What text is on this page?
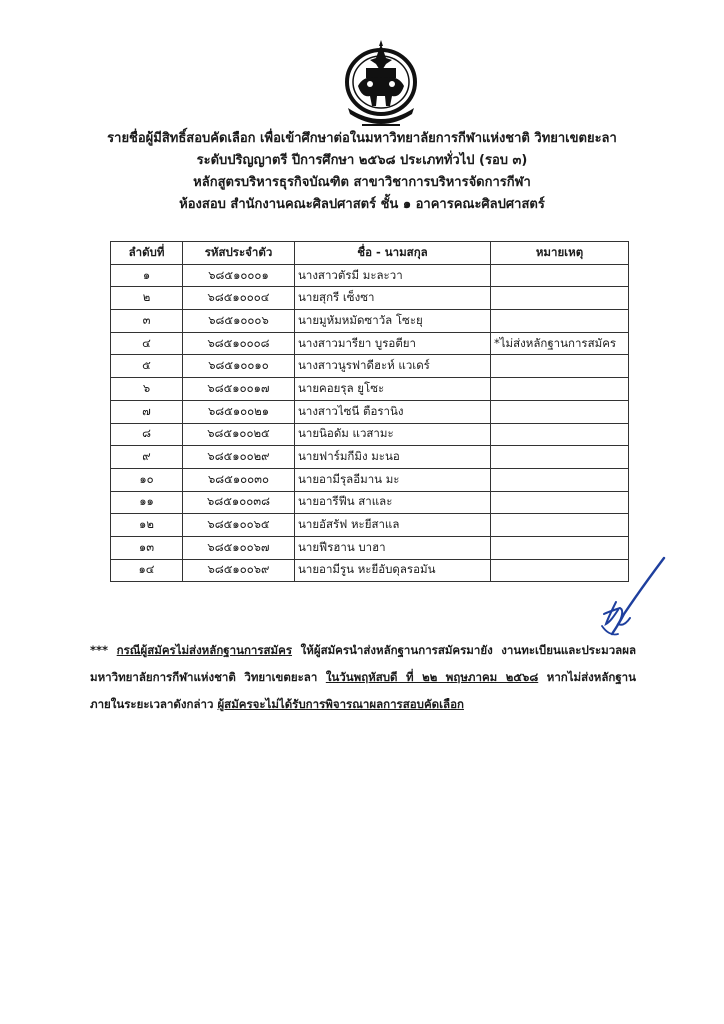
รายชื่อผู้มีสิทธิ์สอบคัดเลือก เพื่อเข้าศึกษาต่อในมหาวิทยาลัยการกีฬาแห่งชาติ วิทยาเขตยะลา
ระดับปริญญาตรี ปีการศึกษา ๒๕๖๘ ประเภททั่วไป (รอบ ๓)
หลักสูตรบริหารธุรกิจบัณฑิต สาขาวิชาการบริหารจัดการกีฬา
ห้องสอบ สำนักงานคณะศิลปศาสตร์ ชั้น ๑ อาคารคณะศิลปศาสตร์
ลำดับที่	รหัสประจำตัว	ชื่อ - นามสกุล	หมายเหตุ
๑	๖๘๕๑๐๐๐๑	นางสาวตัรมี มะละวา	
๒	๖๘๕๑๐๐๐๔	นายสุกรี เซ็งซา	
๓	๖๘๕๑๐๐๐๖	นายมูหัมหมัดซาวัล โซะยุ	
๔	๖๘๕๑๐๐๐๘	นางสาวมารียา บูรอตียา	*ไม่ส่งหลักฐานการสมัคร
๕	๖๘๕๑๐๐๑๐	นางสาวนูรฟาดีฮะห์ แวเดร์	
๖	๖๘๕๑๐๐๑๗	นายคอยรุล ยูโซะ	
๗	๖๘๕๑๐๐๒๑	นางสาวไซนี ตือรานิง	
๘	๖๘๕๑๐๐๒๕	นายนิอดัม แวสามะ	
๙	๖๘๕๑๐๐๒๙	นายฟาร์มกีมิง มะนอ	
๑๐	๖๘๕๑๐๐๓๐	นายอามีรุลอีมาน มะ	
๑๑	๖๘๕๑๐๐๓๘	นายอารีฟีน สาและ	
๑๒	๖๘๕๑๐๐๖๕	นายอัสรัฟ หะยีสาแล	
๑๓	๖๘๕๑๐๐๖๗	นายฟีรฮาน บาฮา	
๑๔	๖๘๕๑๐๐๖๙	นายอามีรูน หะยีอับดุลรอมัน	
*** กรณีผู้สมัครไม่ส่งหลักฐานการสมัคร ให้ผู้สมัครนำส่งหลักฐานการสมัครมายัง งานทะเบียนและประมวลผล มหาวิทยาลัยการกีฬาแห่งชาติ วิทยาเขตยะลา ในวันพฤหัสบดี ที่ ๒๒ พฤษภาคม ๒๕๖๘ หากไม่ส่งหลักฐานภายในระยะเวลาดังกล่าว ผู้สมัครจะไม่ได้รับการพิจารณาผลการสอบคัดเลือก
